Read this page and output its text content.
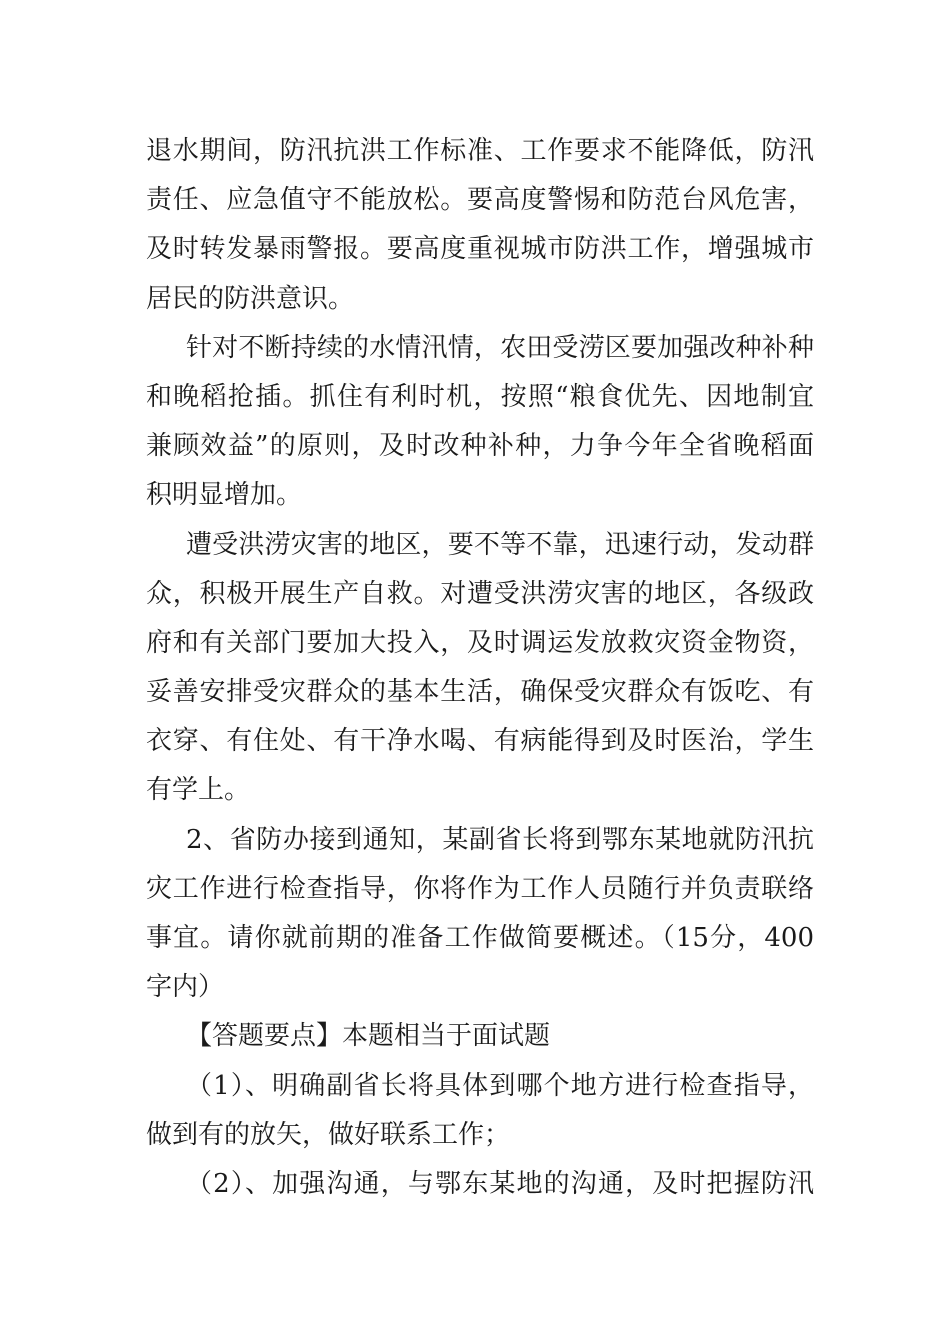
退水期间，防汛抗洪工作标准、工作要求不能降低，防汛
责任、应急值守不能放松。要高度警惕和防范台风危害，
及时转发暴雨警报。要高度重视城市防洪工作，增强城市
居民的防洪意识。
针对不断持续的水情汛情，农田受涝区要加强改种补种
和晚稻抢插。抓住有利时机，按照“粮食优先、因地制宜
兼顾效益”的原则，及时改种补种，力争今年全省晚稻面
积明显增加。
遭受洪涝灾害的地区，要不等不靠，迅速行动，发动群
众，积极开展生产自救。对遭受洪涝灾害的地区，各级政
府和有关部门要加大投入，及时调运发放救灾资金物资，
妥善安排受灾群众的基本生活，确保受灾群众有饭吃、有
衣穿、有住处、有干净水喝、有病能得到及时医治，学生
有学上。
2、省防办接到通知，某副省长将到鄂东某地就防汛抗
灾工作进行检查指导，你将作为工作人员随行并负责联络
事宜。请你就前期的准备工作做简要概述。（15分，400
字内）
【答题要点】本题相当于面试题
（1）、明确副省长将具体到哪个地方进行检查指导，
做到有的放矢，做好联系工作；
（2）、加强沟通，与鄂东某地的沟通，及时把握防汛
